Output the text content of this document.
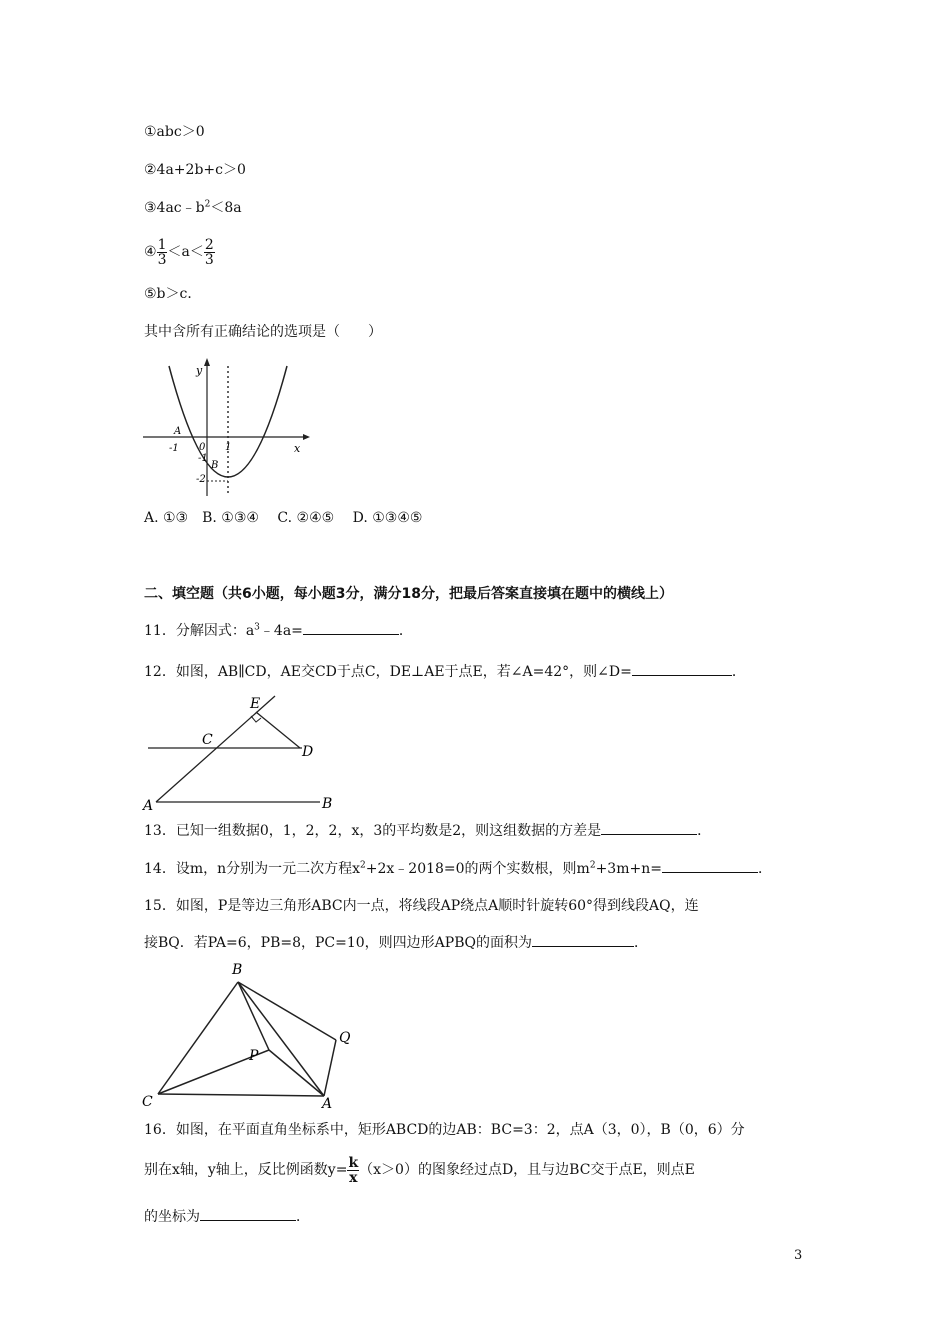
①abc＞0
②4a+2b+c＞0
$③4ac﹣b^2<8a$
④ $\frac{1}{3} <a< \frac{2}{3}$
⑤b＞c．
其中含所有正确结论的选项是（　　）
y
x
A
-1 0 1
-1
B
-2
A. ①③　B. ①③④　 C. ②④⑤　 D. ①③④⑤
二、填空题（共6小题，每小题3分，满分18分，把最后答案直接填在题中的横线上）
11．分解因式：$a^3﹣4a=$	．
12．如图，AB∥CD，AE交CD于点C，DE⊥AE于点E，若∠A=42°，则∠D=	．
E
C
D
A	B
13．已知一组数据0，1，2，2，x，3的平均数是2，则这组数据的方差是	．
14．设m，n分别为一元二次方程$x^2+2x﹣2018=0$的两个实数根，则$m^2+3m+n=$	．
15．如图，P是等边三角形ABC内一点，将线段AP绕点A顺时针旋转60°得到线段AQ，连
接BQ．若PA=6，PB=8，PC=10，则四边形APBQ的面积为	．
B
P
Q
C	A
16．如图，在平面直角坐标系中，矩形ABCD的边AB：BC=3：2，点A（3，0），B（0，6）分
别在x轴，y轴上，反比例函数$y= \frac{k}{x} (x>0)$的图象经过点D，且与边BC交于点E，则点E
的坐标为	．
3
